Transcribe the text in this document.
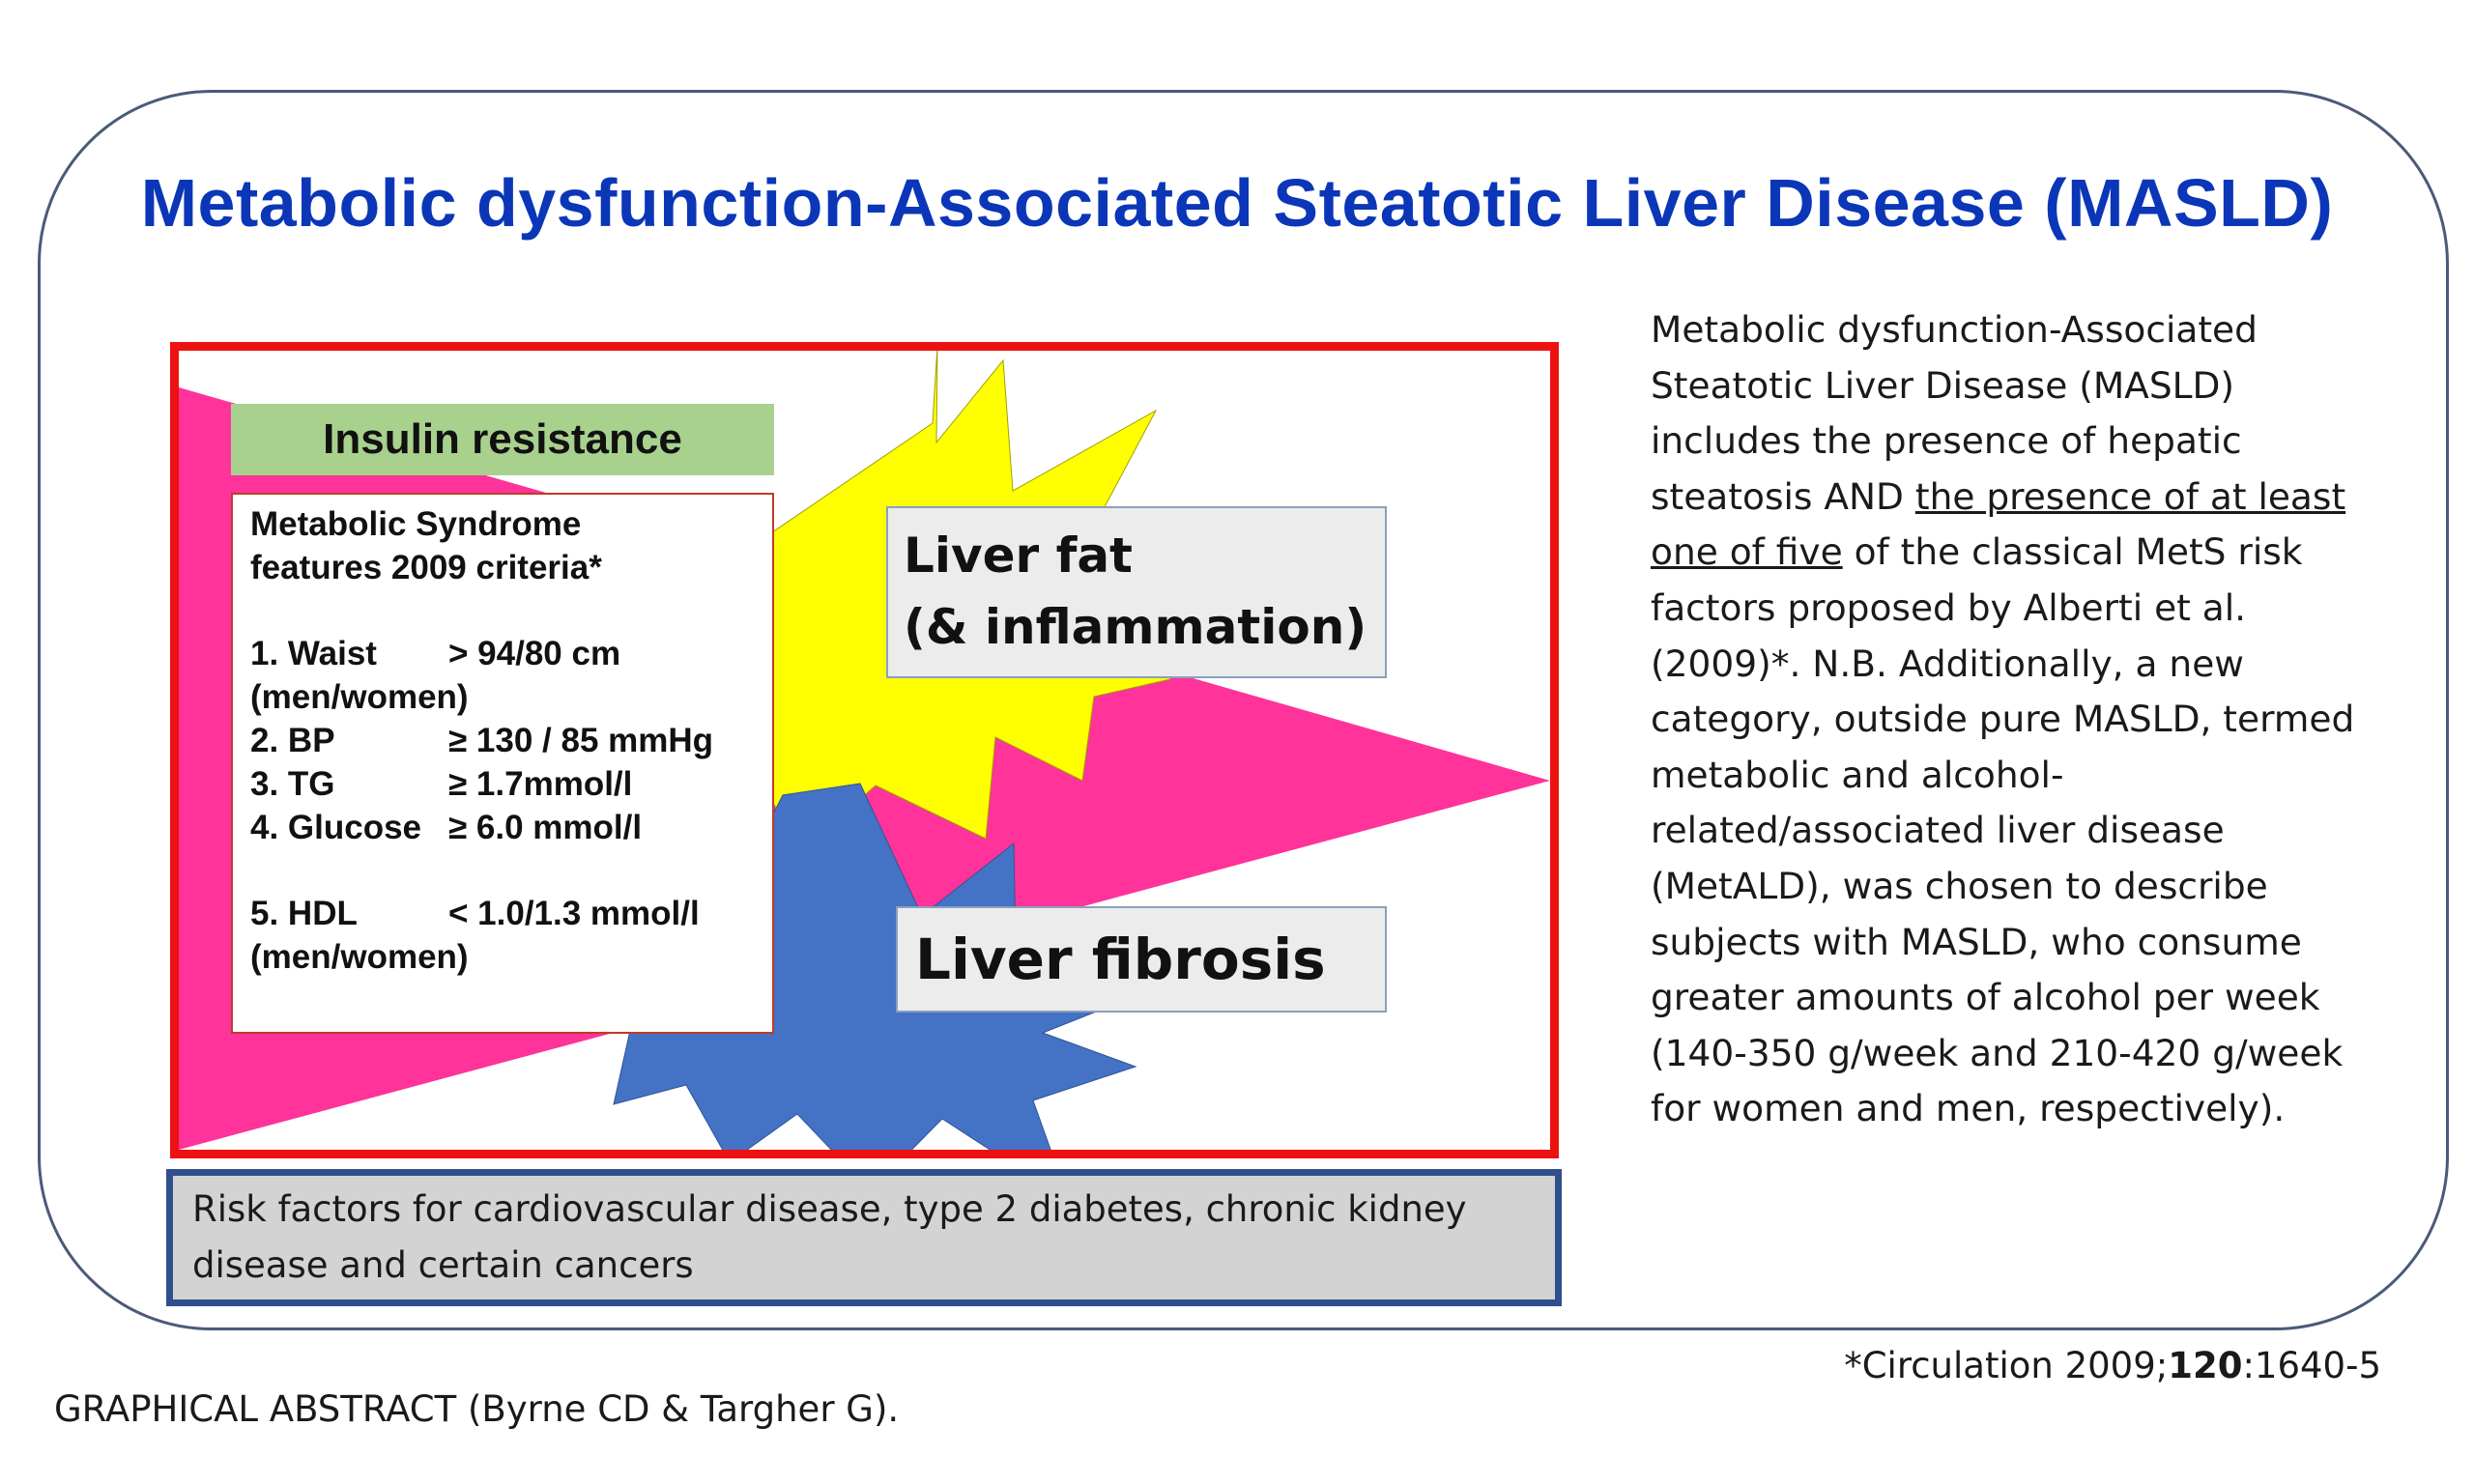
Metabolic dysfunction-Associated Steatotic Liver Disease (MASLD)
Insulin resistance
Metabolic Syndrome
features 2009 criteria*
1. Waist	> 94/80 cm
(men/women)
2. BP	≥ 130 / 85 mmHg
3. TG	≥ 1.7mmol/l
4. Glucose ≥ 6.0 mmol/l
5. HDL	< 1.0/1.3 mmol/l
(men/women)
Liver fat
(& inflammation)
Liver fibrosis
Risk factors for cardiovascular disease, type 2 diabetes, chronic kidney
disease and certain cancers
Metabolic dysfunction-Associated Steatotic Liver Disease (MASLD) includes the presence of hepatic steatosis AND the presence of at least one of five of the classical MetS risk factors proposed by Alberti et al. (2009)*. N.B. Additionally, a new category, outside pure MASLD, termed metabolic and alcohol-related/associated liver disease (MetALD), was chosen to describe subjects with MASLD, who consume greater amounts of alcohol per week (140-350 g/week and 210-420 g/week for women and men, respectively).
*Circulation 2009;120:1640-5
GRAPHICAL ABSTRACT (Byrne CD & Targher G).
